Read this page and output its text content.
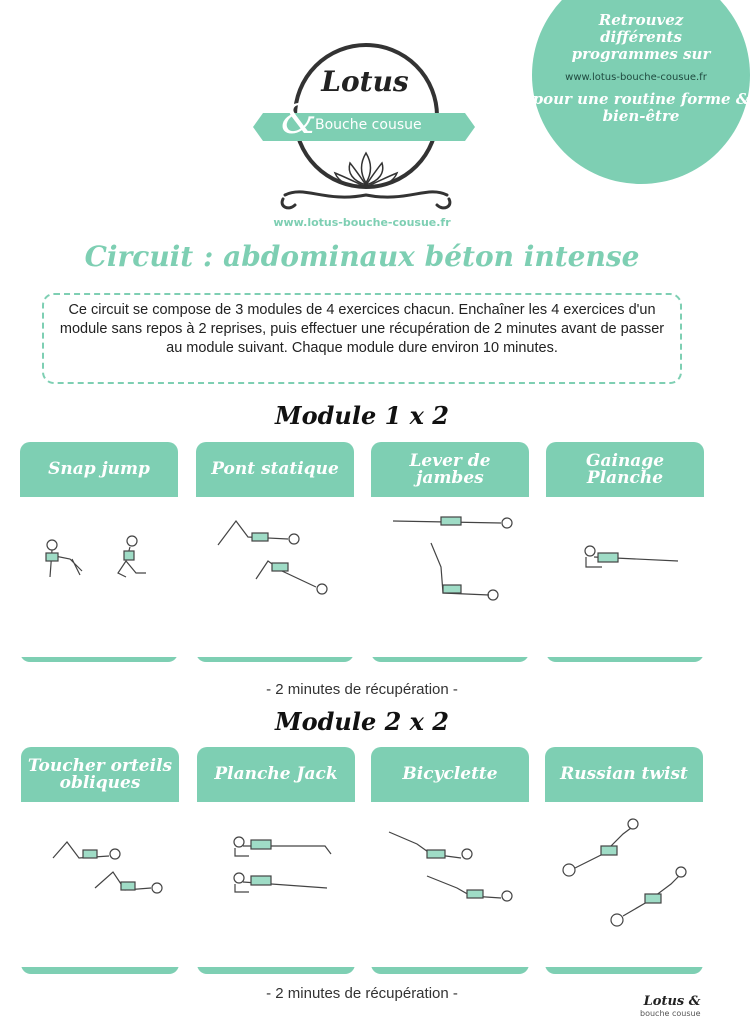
Retrouvez différents programmes sur
www.lotus-bouche-cousue.fr
pour une routine forme & bien-être
Lotus
&
Bouche cousue
www.lotus-bouche-cousue.fr
Circuit : abdominaux béton intense
Ce circuit se compose de 3 modules de 4 exercices chacun. Enchaîner les 4 exercices d'un module sans repos à 2 reprises, puis effectuer une récupération de 2 minutes avant de passer au module suivant. Chaque module dure environ 10 minutes.
Module 1 x 2
Snap jump
30 répétitions
Pont statique
30 secondes
Lever de jambes
30 répétitions
Gainage Planche
2 x 1 minute
- 2 minutes de récupération -
Module 2 x 2
Toucher orteils obliques
30 répétitions / côté
Planche Jack
15 répétitions / jambe
Bicyclette
30 répétitions / côté
Russian twist
30 répétitions / côté
- 2 minutes de récupération -	Lotus &
bouche cousue
